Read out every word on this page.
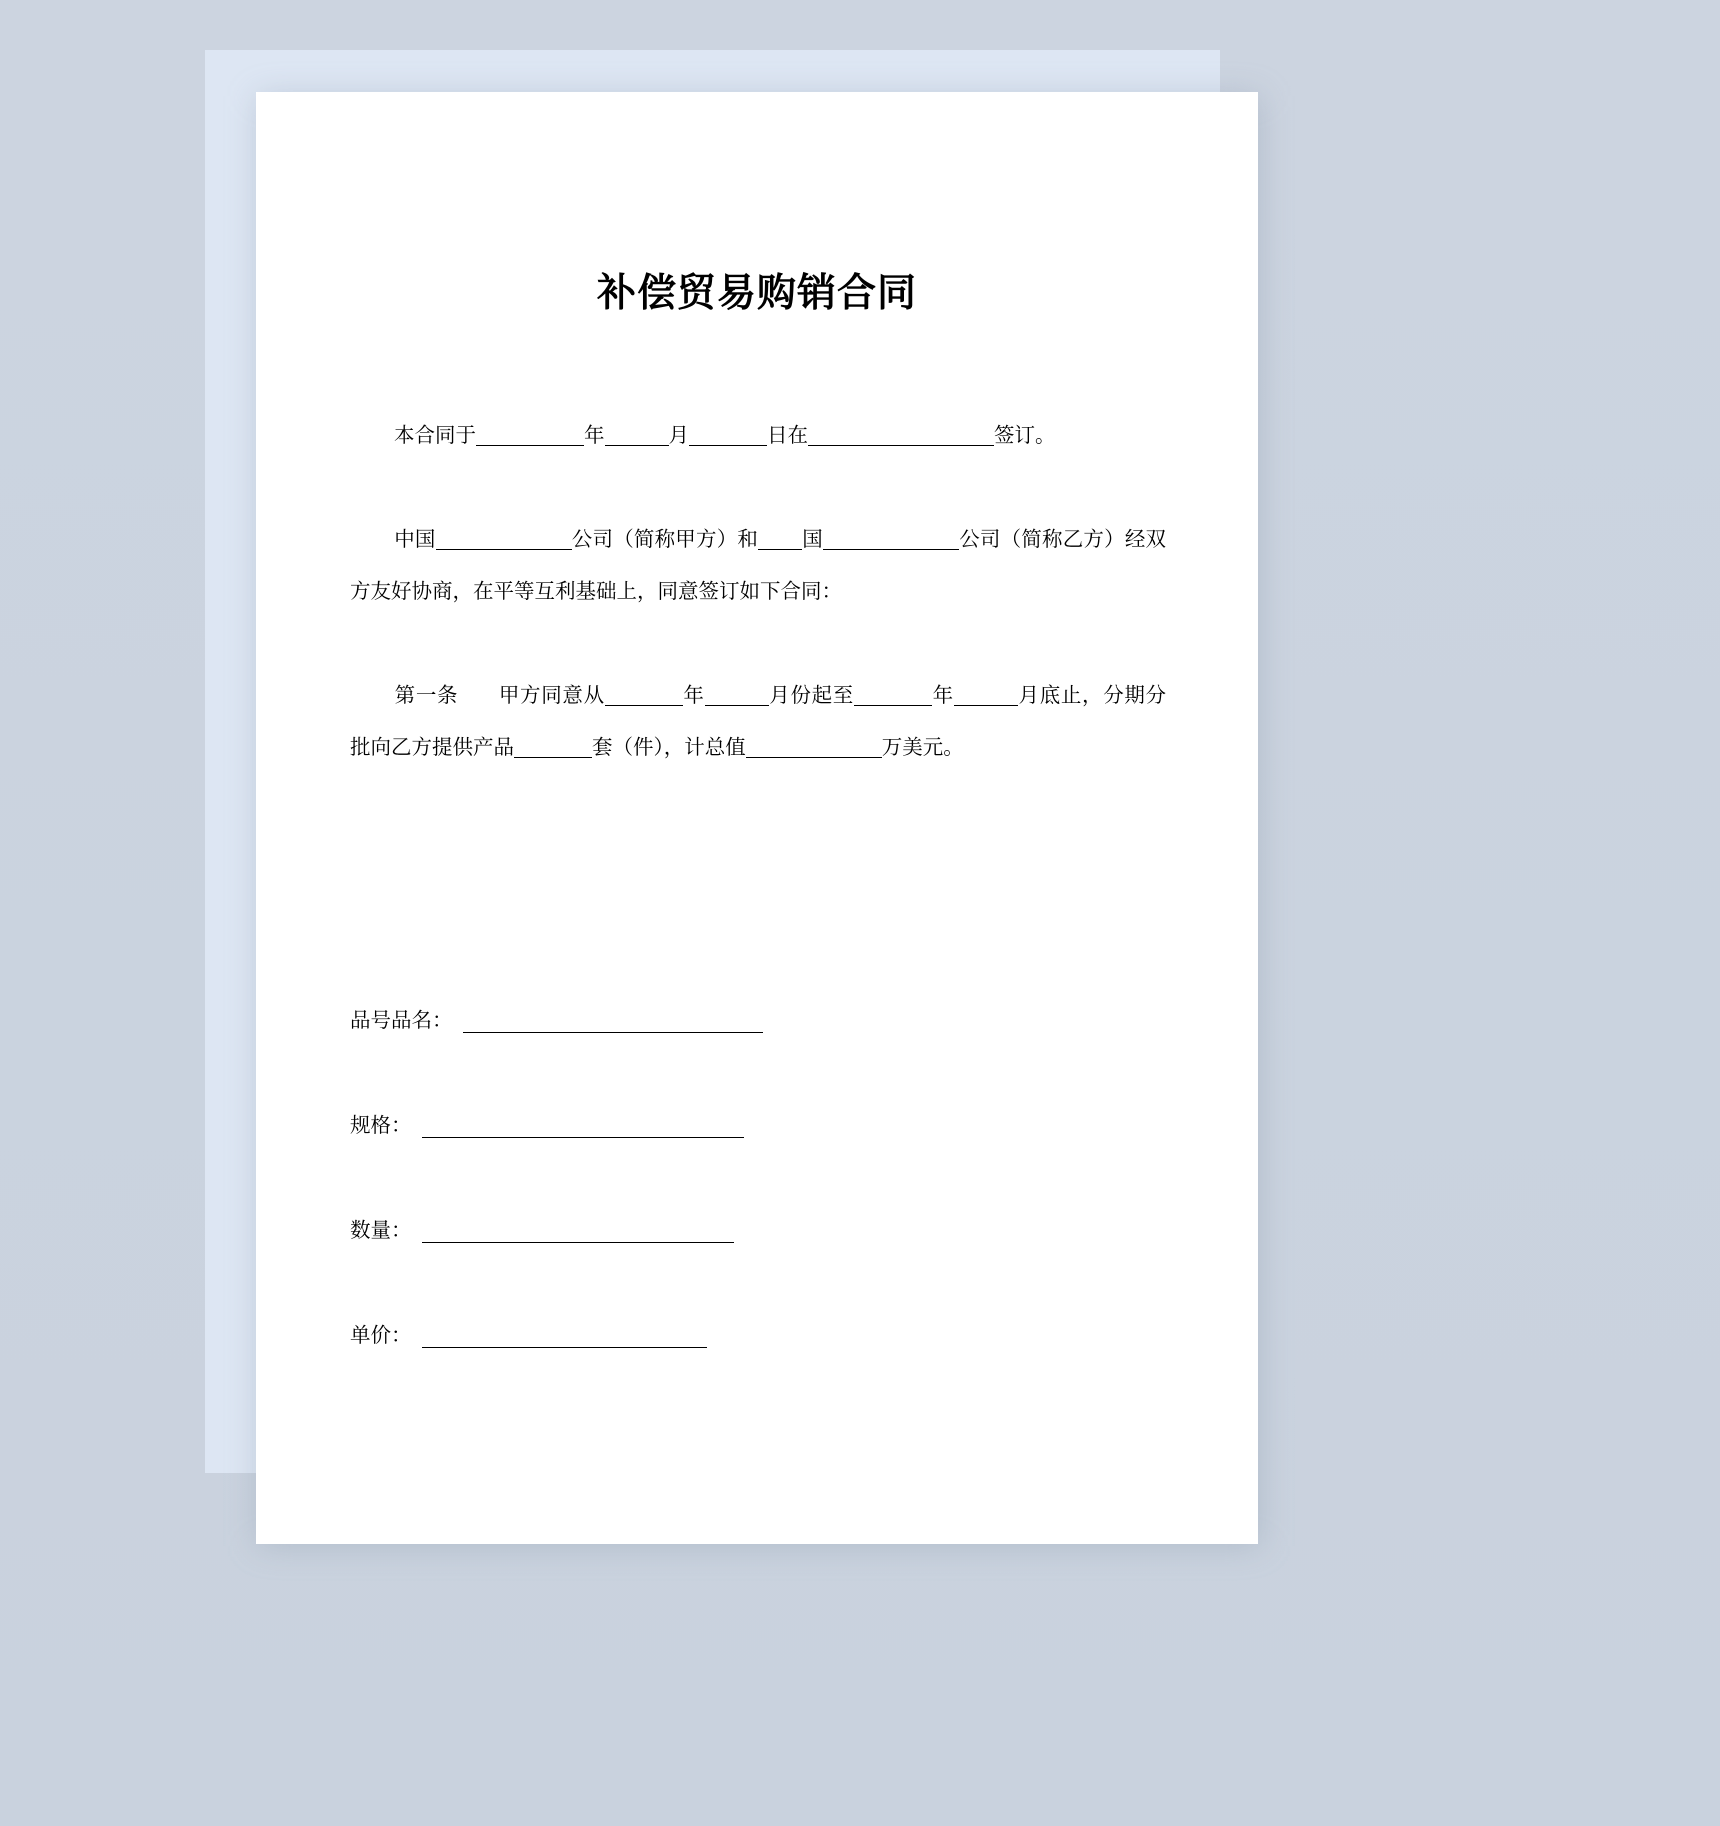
补偿贸易购销合同

本合同于	年	月	日在	签订。

中国	公司（简称甲方）和 国	公司（简称乙方）经双方友好协商，在平等互利基础上，同意签订如下合同：

第一条 甲方同意从	年	月份起至	年	月底止，分期分批向乙方提供产品	套（件），计总值	万美元。

品号品名：
规格：
数量：
单价：
